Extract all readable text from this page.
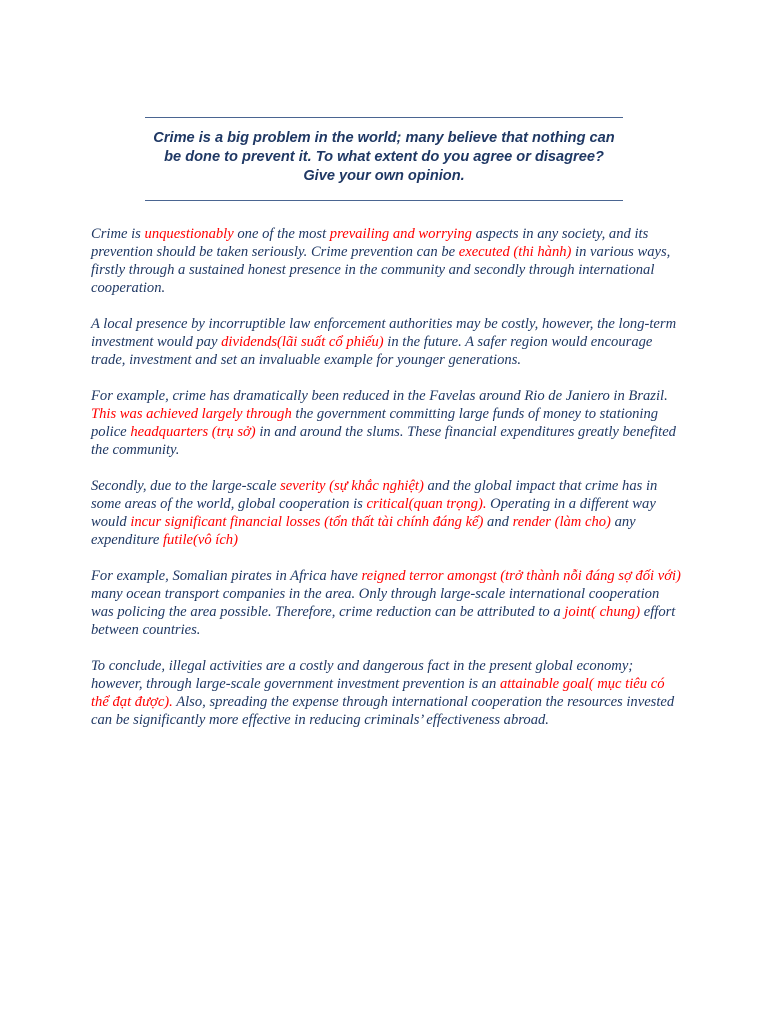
Crime is a big problem in the world; many believe that nothing can
be done to prevent it. To what extent do you agree or disagree?
Give your own opinion.

Crime is unquestionably one of the most prevailing and worrying aspects in any society, and its prevention should be taken seriously. Crime prevention can be executed (thi hành) in various ways, firstly through a sustained honest presence in the community and secondly through international cooperation.

A local presence by incorruptible law enforcement authorities may be costly, however, the long-term investment would pay dividends(lãi suất cổ phiếu) in the future. A safer region would encourage trade, investment and set an invaluable example for younger generations.

For example, crime has dramatically been reduced in the Favelas around Rio de Janiero in Brazil. This was achieved largely through the government committing large funds of money to stationing police headquarters (trụ sở) in and around the slums. These financial expenditures greatly benefited the community.

Secondly, due to the large-scale severity (sự khắc nghiệt) and the global impact that crime has in some areas of the world, global cooperation is critical(quan trọng). Operating in a different way would incur significant financial losses (tổn thất tài chính đáng kể) and render (làm cho) any expenditure futile(vô ích)

For example, Somalian pirates in Africa have reigned terror amongst (trở thành nỗi đáng sợ đối với) many ocean transport companies in the area. Only through large-scale international cooperation was policing the area possible. Therefore, crime reduction can be attributed to a joint( chung) effort between countries.

To conclude, illegal activities are a costly and dangerous fact in the present global economy; however, through large-scale government investment prevention is an attainable goal( mục tiêu có thể đạt được). Also, spreading the expense through international cooperation the resources invested can be significantly more effective in reducing criminals’ effectiveness abroad.
